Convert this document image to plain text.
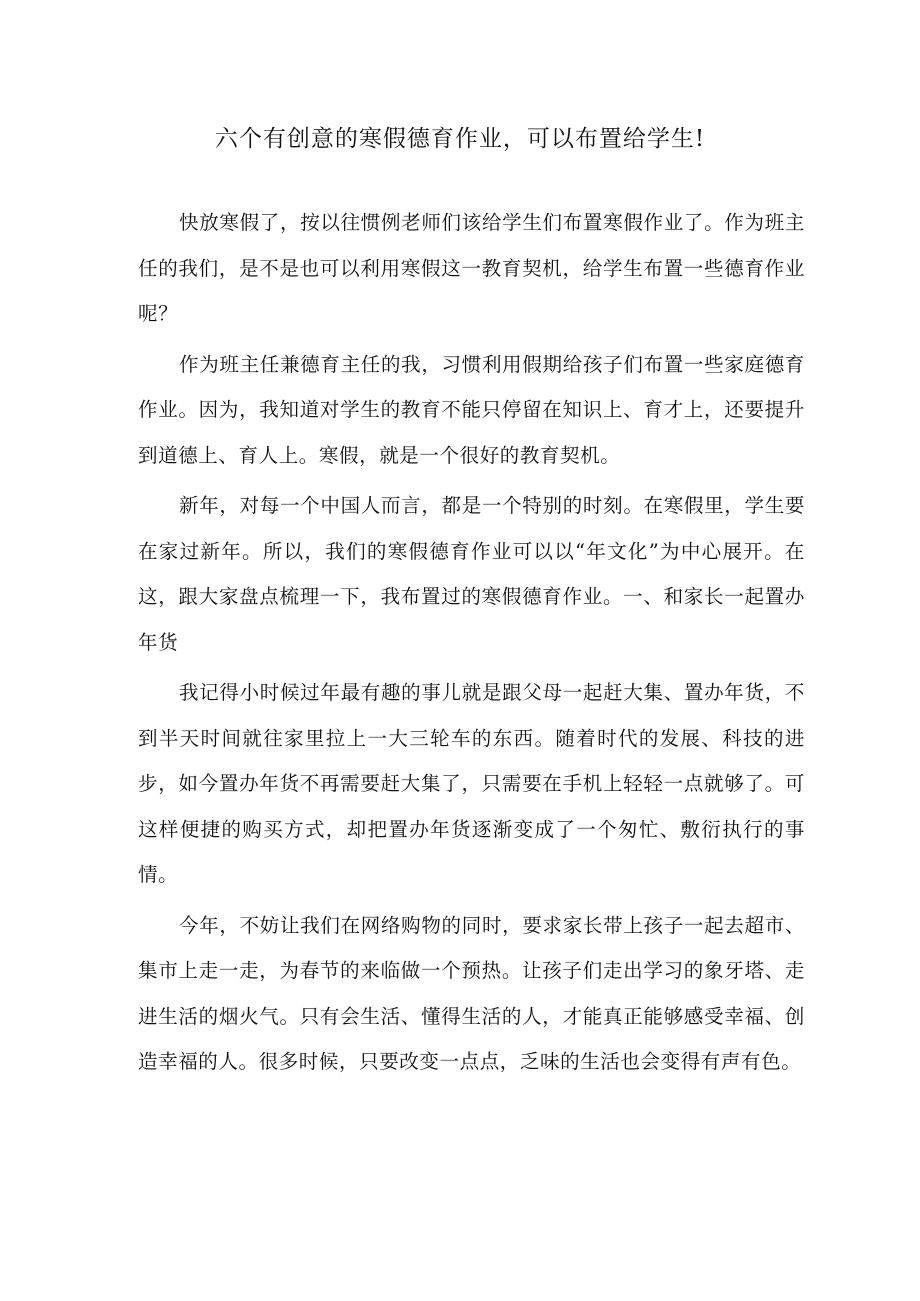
六个有创意的寒假德育作业，可以布置给学生!

快放寒假了，按以往惯例老师们该给学生们布置寒假作业了。作为班主任的我们，是不是也可以利用寒假这一教育契机，给学生布置一些德育作业呢？

作为班主任兼德育主任的我，习惯利用假期给孩子们布置一些家庭德育作业。因为，我知道对学生的教育不能只停留在知识上、育才上，还要提升到道德上、育人上。寒假，就是一个很好的教育契机。

新年，对每一个中国人而言，都是一个特别的时刻。在寒假里，学生要在家过新年。所以，我们的寒假德育作业可以以“年文化”为中心展开。在这，跟大家盘点梳理一下，我布置过的寒假德育作业。一、和家长一起置办年货

我记得小时候过年最有趣的事儿就是跟父母一起赶大集、置办年货，不到半天时间就往家里拉上一大三轮车的东西。随着时代的发展、科技的进步，如今置办年货不再需要赶大集了，只需要在手机上轻轻一点就够了。可这样便捷的购买方式，却把置办年货逐渐变成了一个匆忙、敷衍执行的事情。

今年，不妨让我们在网络购物的同时，要求家长带上孩子一起去超市、集市上走一走，为春节的来临做一个预热。让孩子们走出学习的象牙塔、走进生活的烟火气。只有会生活、懂得生活的人，才能真正能够感受幸福、创造幸福的人。很多时候，只要改变一点点，乏味的生活也会变得有声有色。
